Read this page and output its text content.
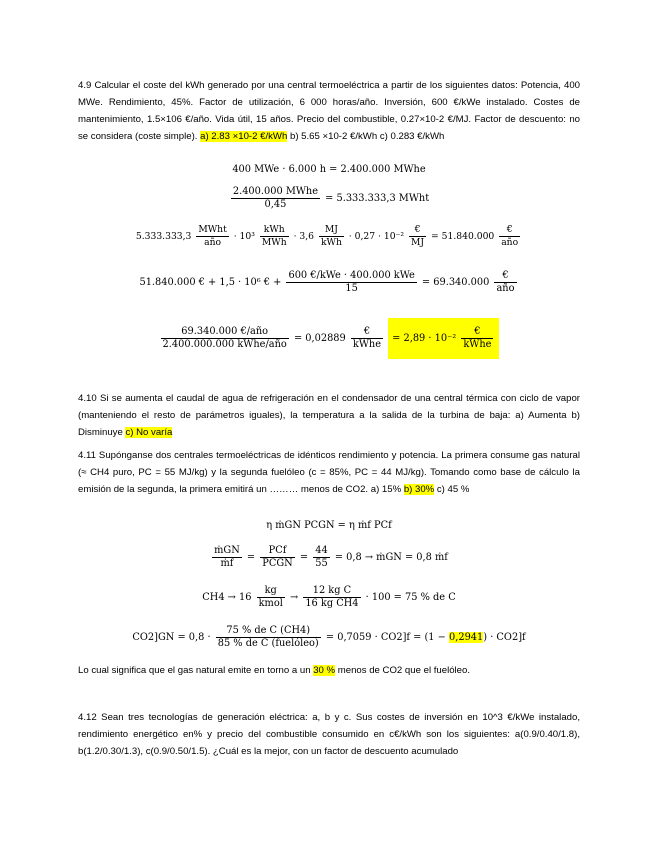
4.9 Calcular el coste del kWh generado por una central termoeléctrica a partir de los siguientes datos: Potencia, 400 MWe. Rendimiento, 45%. Factor de utilización, 6 000 horas/año. Inversión, 600 €/kWe instalado. Costes de mantenimiento, 1.5×106 €/año. Vida útil, 15 años. Precio del combustible, 0.27×10-2 €/MJ. Factor de descuento: no se considera (coste simple). a) 2.83 ×10-2 €/kWh b) 5.65 ×10-2 €/kWh c) 0.283 €/kWh
400 MWe · 6.000 h = 2.400.000 MWhe
$\frac{\text{2.400.000 MWhe}}{0,45} = 5.333.333,3$ MWht
$5.333.333,3 \frac{\text{MWht}}{\text{año}} \cdot 10^3 \frac{\text{kWh}}{\text{MWh}} \cdot 3,6 \frac{MJ}{\text{kWh}} \cdot 0,27 \cdot 10^{-2} \frac{€}{MJ} = 51.840.000 \frac{€}{\text{año}}$
51.840.000 € + 1,5 · 10⁶ € + $\frac{\text{600 €/kWe · 400.000 kWe}}{15} = 69.340.000 \frac{€}{\text{año}}$
$\frac{\text{69.340.000 €/año}}{\text{2.400.000.000 kWhe/año}} = 0,02889 \frac{€}{\text{kWhe}} = 2,89 \cdot 10^{-2} \frac{€}{\text{kWhe}}$
4.10 Si se aumenta el caudal de agua de refrigeración en el condensador de una central térmica con ciclo de vapor (manteniendo el resto de parámetros iguales), la temperatura a la salida de la turbina de baja: a) Aumenta b) Disminuye c) No varía
4.11 Supónganse dos centrales termoeléctricas de idénticos rendimiento y potencia. La primera consume gas natural (≈ CH4 puro, PC = 55 MJ/kg) y la segunda fuelóleo (c = 85%, PC = 44 MJ/kg). Tomando como base de cálculo la emisión de la segunda, la primera emitirá un ……… menos de CO2. a) 15% b) 30% c) 45 %
η ṁGN PCGN = η ṁf PCf
$\frac{\text{ṁGN}}{\text{ṁf}} = \frac{\text{PCf}}{\text{PCGN}} = \frac{44}{55} = 0,8$ → ṁGN = 0,8 ṁf
$CH4 \to 16 \frac{kg}{\text{kmol}} \to \frac{\text{12 kg C}}{\text{16 kg CH4}} \cdot 100 = 75$ % de C
$CO2]GN = 0,8 \cdot \frac{\text{75 \% de C (CH4)}}{\text{85 \% de C (fuelóleo)}} = 0,7059 \cdot CO2]f = (1 - 0,2941) \cdot CO2]f$
Lo cual significa que el gas natural emite en torno a un 30 % menos de CO2 que el fuelóleo.
4.12 Sean tres tecnologías de generación eléctrica: a, b y c. Sus costes de inversión en 10^3 €/kWe instalado, rendimiento energético en% y precio del combustible consumido en c€/kWh son los siguientes: a(0.9/0.40/1.8), b(1.2/0.30/1.3), c(0.9/0.50/1.5). ¿Cuál es la mejor, con un factor de descuento acumulado
